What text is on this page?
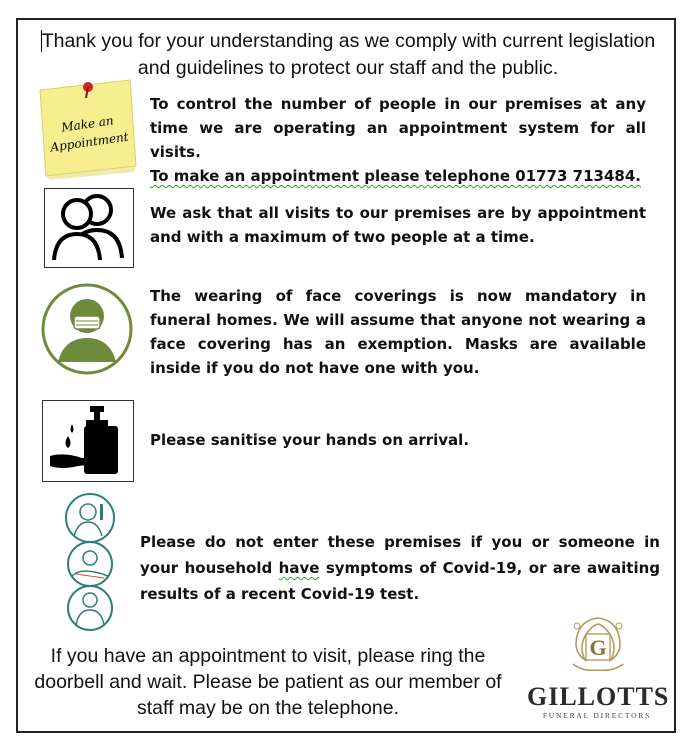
Thank you for your understanding as we comply with current legislation
and guidelines to protect our staff and the public.
Make an
Appointment
To control the number of people in our premises at any time we are operating an appointment system for all visits.
To make an appointment please telephone 01773 713484.
We ask that all visits to our premises are by appointment and with a maximum of two people at a time.
The wearing of face coverings is now mandatory in funeral homes. We will assume that anyone not wearing a face covering has an exemption. Masks are available inside if you do not have one with you.
Please sanitise your hands on arrival.
Please do not enter these premises if you or someone in your household have symptoms of Covid-19, or are awaiting results of a recent Covid-19 test.
If you have an appointment to visit, please ring the doorbell and wait. Please be patient as our member of staff may be on the telephone.
G
GILLOTTS
FUNERAL DIRECTORS
